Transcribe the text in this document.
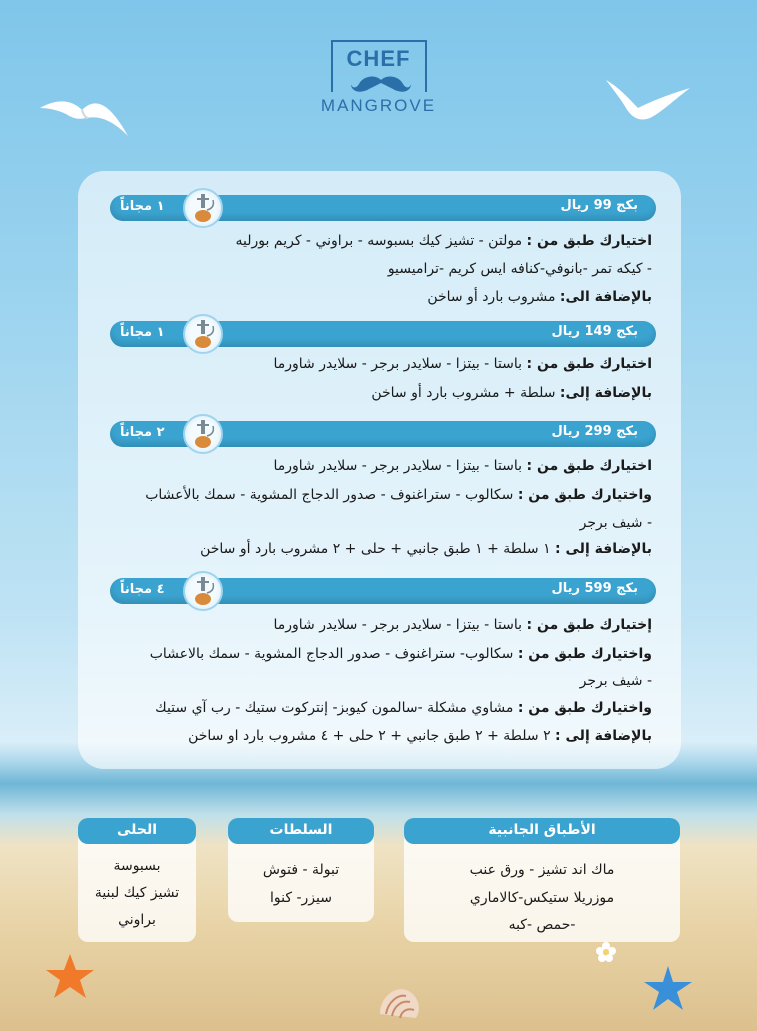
CHEF
MANGROVE
بكج 99 ريال
١ مجاناً
اختيارك طبق من : مولتن - تشيز كيك بسبوسه - براوني - كريم بورليه
- كيكه تمر -بانوفي-كنافه ايس كريم -تراميسيو
بالإضافة الى: مشروب بارد أو ساخن
بكج 149 ريال
١ مجاناً
اختيارك طبق من : باستا - بيتزا - سلايدر برجر - سلايدر شاورما
بالإضافة إلى: سلطة + مشروب بارد أو ساخن
بكج 299 ريال
٢ مجاناً
اختيارك طبق من : باستا - بيتزا - سلايدر برجر - سلايدر شاورما
واختيارك طبق من : سكالوب - ستراغنوف - صدور الدجاج المشوية - سمك بالأعشاب
- شيف برجر
بالإضافة إلى : ١ سلطة + ١ طبق جانبي + حلى + ٢ مشروب بارد أو ساخن
بكج 599 ريال
٤ مجاناً
إختيارك طبق من : باستا - بيتزا - سلايدر برجر - سلايدر شاورما
واختيارك طبق من : سكالوب- ستراغنوف - صدور الدجاج المشوية - سمك بالاعشاب
- شيف برجر
واختيارك طبق من : مشاوي مشكلة -سالمون كيوبز- إنتركوت ستيك - رب آي ستيك
بالإضافة إلى : ٢ سلطة + ٢ طبق جانبي + ٢ حلى + ٤ مشروب بارد او ساخن
ماك اند تشيز - ورق عنب
موزريلا ستيكس-كالاماري
-حمص -كبه
الأطباق الجانبية
تبولة - فتوش
سيزر- كنوا
السلطات
بسبوسة
تشيز كيك لبنية
براوني
الحلى
